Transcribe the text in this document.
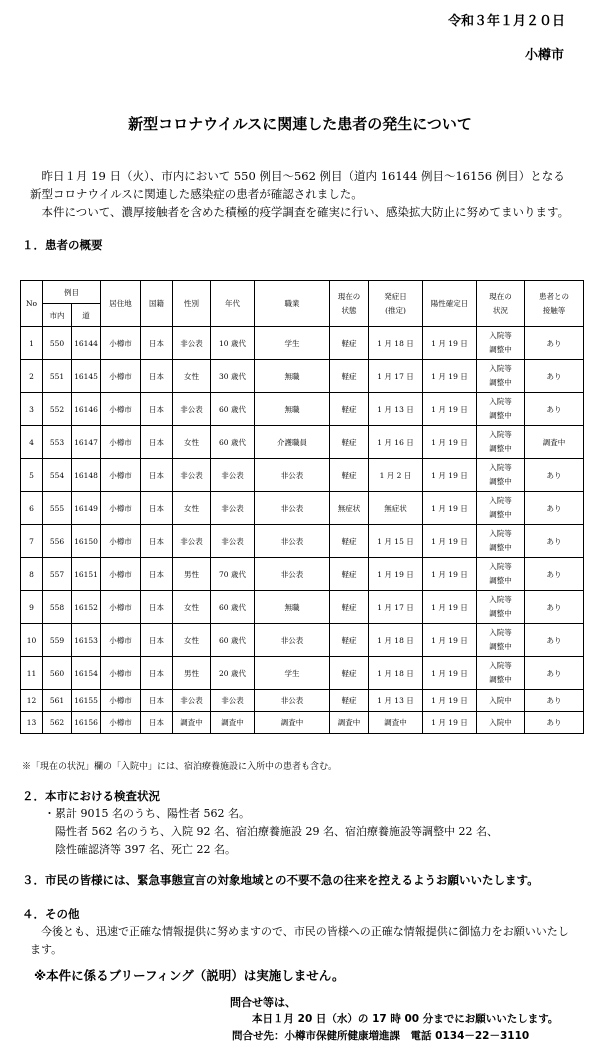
令和３年１月２０日
小樽市
新型コロナウイルスに関連した患者の発生について

　昨日１月 19 日（火）、市内において 550 例目～562 例目（道内 16144 例目～16156 例目）となる新型コロナウイルスに関連した感染症の患者が確認されました。

　本件について、濃厚接触者を含めた積極的疫学調査を確実に行い、感染拡大防止に努めてまいります。

１．患者の概要
No	例目		居住地	国籍	性別	年代	職業	現在の
状態	発症日
(推定)	陽性確定日	現在の
状況	患者との
接触等
	市内	道										
1	550	16144	小樽市	日本	非公表	10 歳代	学生	軽症	1 月 18 日	1 月 19 日	入院等
調整中	あり
2	551	16145	小樽市	日本	女性	30 歳代	無職	軽症	1 月 17 日	1 月 19 日	入院等
調整中	あり
3	552	16146	小樽市	日本	非公表	60 歳代	無職	軽症	1 月 13 日	1 月 19 日	入院等
調整中	あり
4	553	16147	小樽市	日本	女性	60 歳代	介護職員	軽症	1 月 16 日	1 月 19 日	入院等
調整中	調査中
5	554	16148	小樽市	日本	非公表	非公表	非公表	軽症	1 月 2 日	1 月 19 日	入院等
調整中	あり
6	555	16149	小樽市	日本	女性	非公表	非公表	無症状	無症状	1 月 19 日	入院等
調整中	あり
7	556	16150	小樽市	日本	非公表	非公表	非公表	軽症	1 月 15 日	1 月 19 日	入院等
調整中	あり
8	557	16151	小樽市	日本	男性	70 歳代	非公表	軽症	1 月 19 日	1 月 19 日	入院等
調整中	あり
9	558	16152	小樽市	日本	女性	60 歳代	無職	軽症	1 月 17 日	1 月 19 日	入院等
調整中	あり
10	559	16153	小樽市	日本	女性	60 歳代	非公表	軽症	1 月 18 日	1 月 19 日	入院等
調整中	あり
11	560	16154	小樽市	日本	男性	20 歳代	学生	軽症	1 月 18 日	1 月 19 日	入院等
調整中	あり
12	561	16155	小樽市	日本	非公表	非公表	非公表	軽症	1 月 13 日	1 月 19 日	入院中	あり
13	562	16156	小樽市	日本	調査中	調査中	調査中	調査中	調査中	1 月 19 日	入院中	あり
※「現在の状況」欄の「入院中」には、宿泊療養施設に入所中の患者も含む。
２．本市における検査状況
・累計 9015 名のうち、陽性者 562 名。
　陽性者 562 名のうち、入院 92 名、宿泊療養施設 29 名、宿泊療養施設等調整中 22 名、
　陰性確認済等 397 名、死亡 22 名。
３．市民の皆様には、緊急事態宣言の対象地域との不要不急の往来を控えるようお願いいたします。
４．その他

　今後とも、迅速で正確な情報提供に努めますので、市民の皆様への正確な情報提供に御協力をお願いいたします。

※本件に係るブリーフィング（説明）は実施しません。
問合せ等は、
本日１月 20 日（水）の 17 時 00 分までにお願いいたします。
問合せ先：小樽市保健所健康増進課　電話 0134－22－3110
